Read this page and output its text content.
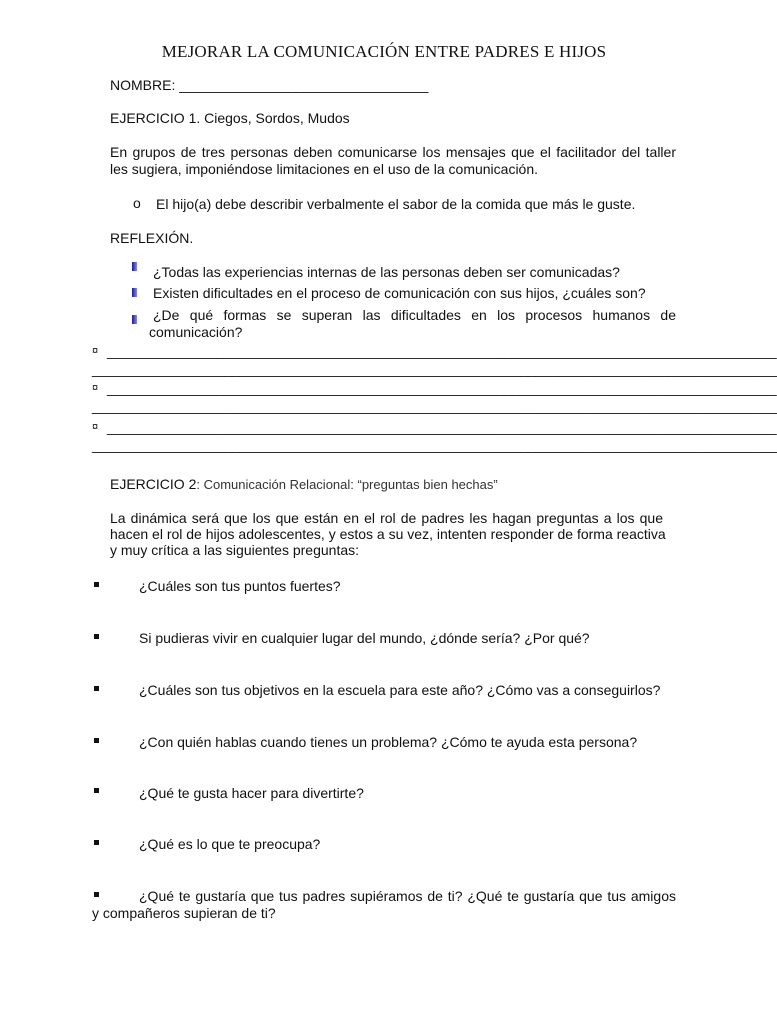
MEJORAR LA COMUNICACIÓN ENTRE PADRES E HIJOS
NOMBRE: ________________________________
EJERCICIO 1. Ciegos, Sordos, Mudos
En grupos de tres personas deben comunicarse los mensajes que el facilitador del taller
les sugiera, imponiéndose limitaciones en el uso de la comunicación.
o El hijo(a) debe describir verbalmente el sabor de la comida que más le guste.
REFLEXIÓN.
¿Todas las experiencias internas de las personas deben ser comunicadas?
Existen dificultades en el proceso de comunicación con sus hijos, ¿cuáles son?
¿De qué formas se superan las dificultades en los procesos humanos de
comunicación?
¤ ______________________________________________________________________________________
________________________________________________________________________________________
¤ ______________________________________________________________________________________
________________________________________________________________________________________
¤ ______________________________________________________________________________________
________________________________________________________________________________________
EJERCICIO 2: Comunicación Relacional: “preguntas bien hechas”
La dinámica será que los que están en el rol de padres les hagan preguntas a los que
hacen el rol de hijos adolescentes, y estos a su vez, intenten responder de forma reactiva
y muy crítica a las siguientes preguntas:
¿Cuáles son tus puntos fuertes?
Si pudieras vivir en cualquier lugar del mundo, ¿dónde sería? ¿Por qué?
¿Cuáles son tus objetivos en la escuela para este año? ¿Cómo vas a conseguirlos?
¿Con quién hablas cuando tienes un problema? ¿Cómo te ayuda esta persona?
¿Qué te gusta hacer para divertirte?
¿Qué es lo que te preocupa?
¿Qué te gustaría que tus padres supiéramos de ti? ¿Qué te gustaría que tus amigos
y compañeros supieran de ti?
